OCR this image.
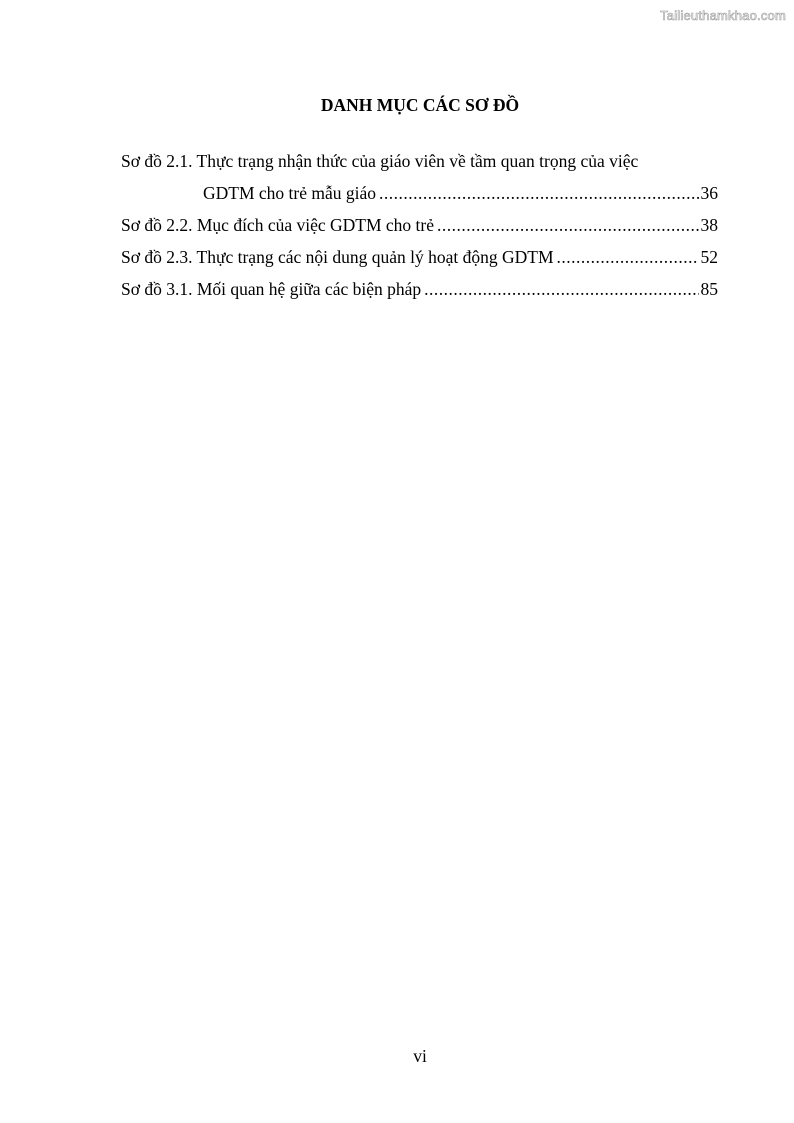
Tailieuthamkhao.com
DANH MỤC CÁC SƠ ĐỒ
Sơ đồ 2.1. Thực trạng nhận thức của giáo viên về tầm quan trọng của việc
GDTM cho trẻ mẫu giáo .....	36
Sơ đồ 2.2. Mục đích của việc GDTM cho trẻ .....	38
Sơ đồ 2.3. Thực trạng các nội dung quản lý hoạt động GDTM .....	52
Sơ đồ 3.1. Mối quan hệ giữa các biện pháp .....	85
vi
